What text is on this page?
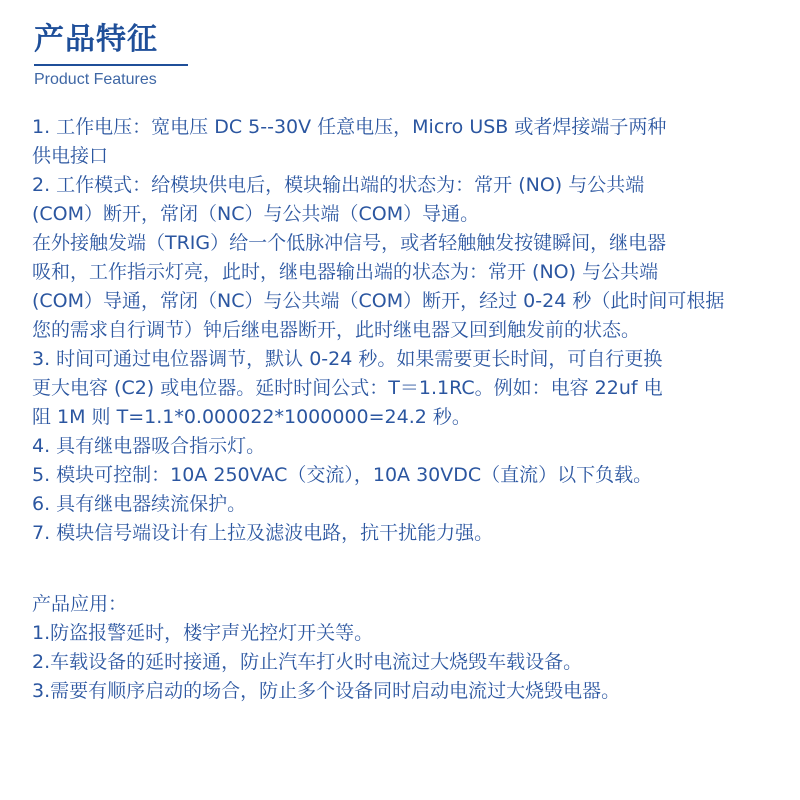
产品特征
Product Features
1. 工作电压：宽电压 DC 5--30V 任意电压，Micro USB 或者焊接端子两种
供电接口
2. 工作模式：给模块供电后，模块输出端的状态为：常开 (NO) 与公共端
(COM）断开，常闭（NC）与公共端（COM）导通。
在外接触发端（TRIG）给一个低脉冲信号，或者轻触触发按键瞬间，继电器
吸和，工作指示灯亮，此时，继电器输出端的状态为：常开 (NO) 与公共端
(COM）导通，常闭（NC）与公共端（COM）断开，经过 0-24 秒（此时间可根据
您的需求自行调节）钟后继电器断开，此时继电器又回到触发前的状态。
3. 时间可通过电位器调节，默认 0-24 秒。如果需要更长时间，可自行更换
更大电容 (C2) 或电位器。延时时间公式：T＝1.1RC。例如：电容 22uf 电
阻 1M 则 T=1.1*0.000022*1000000=24.2 秒。
4. 具有继电器吸合指示灯。
5. 模块可控制：10A 250VAC（交流），10A 30VDC（直流）以下负载。
6. 具有继电器续流保护。
7. 模块信号端设计有上拉及滤波电路，抗干扰能力强。
产品应用：
1.防盗报警延时，楼宇声光控灯开关等。
2.车载设备的延时接通，防止汽车打火时电流过大烧毁车载设备。
3.需要有顺序启动的场合，防止多个设备同时启动电流过大烧毁电器。
